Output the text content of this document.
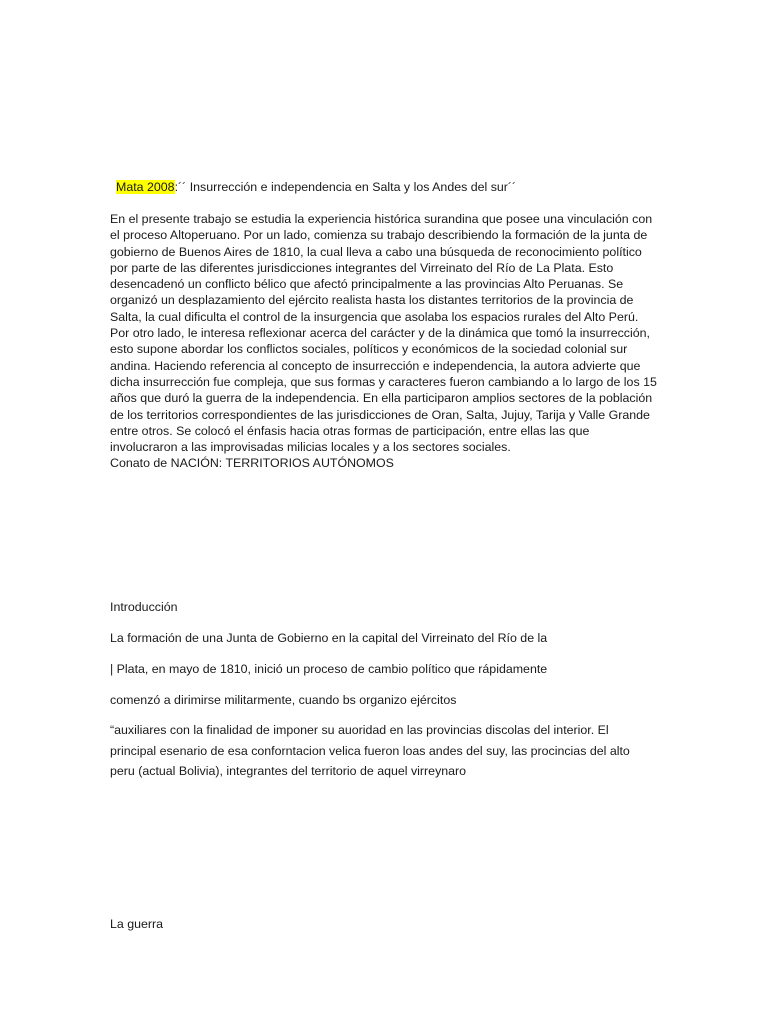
Mata 2008:´´ Insurrección e independencia en Salta y los Andes del sur´´

En el presente trabajo se estudia la experiencia histórica surandina que posee una vinculación con el proceso Altoperuano. Por un lado, comienza su trabajo describiendo la formación de la junta de gobierno de Buenos Aires de 1810, la cual lleva a cabo una búsqueda de reconocimiento político por parte de las diferentes jurisdicciones integrantes del Virreinato del Río de La Plata. Esto desencadenó un conflicto bélico que afectó principalmente a las provincias Alto Peruanas. Se organizó un desplazamiento del ejército realista hasta los distantes territorios de la provincia de Salta, la cual dificulta el control de la insurgencia que asolaba los espacios rurales del Alto Perú.

Por otro lado, le interesa reflexionar acerca del carácter y de la dinámica que tomó la insurrección, esto supone abordar los conflictos sociales, políticos y económicos de la sociedad colonial sur andina. Haciendo referencia al concepto de insurrección e independencia, la autora advierte que dicha insurrección fue compleja, que sus formas y caracteres fueron cambiando a lo largo de los 15 años que duró la guerra de la independencia. En ella participaron amplios sectores de la población de los territorios correspondientes de las jurisdicciones de Oran, Salta, Jujuy, Tarija y Valle Grande entre otros. Se colocó el énfasis hacia otras formas de participación, entre ellas las que involucraron a las improvisadas milicias locales y a los sectores sociales.

Conato de NACIÓN: TERRITORIOS AUTÓNOMOS

Introducción
La formación de una Junta de Gobierno en la capital del Virreinato del Río de la
| Plata, en mayo de 1810, inició un proceso de cambio político que rápidamente
comenzó a dirimirse militarmente, cuando bs organizo ejércitos
“auxiliares con la finalidad de imponer su auoridad en las provincias discolas del interior. El principal esenario de esa conforntacion velica fueron loas andes del suy, las procincias del alto peru (actual Bolivia), integrantes del territorio de aquel virreynaro
La guerra
